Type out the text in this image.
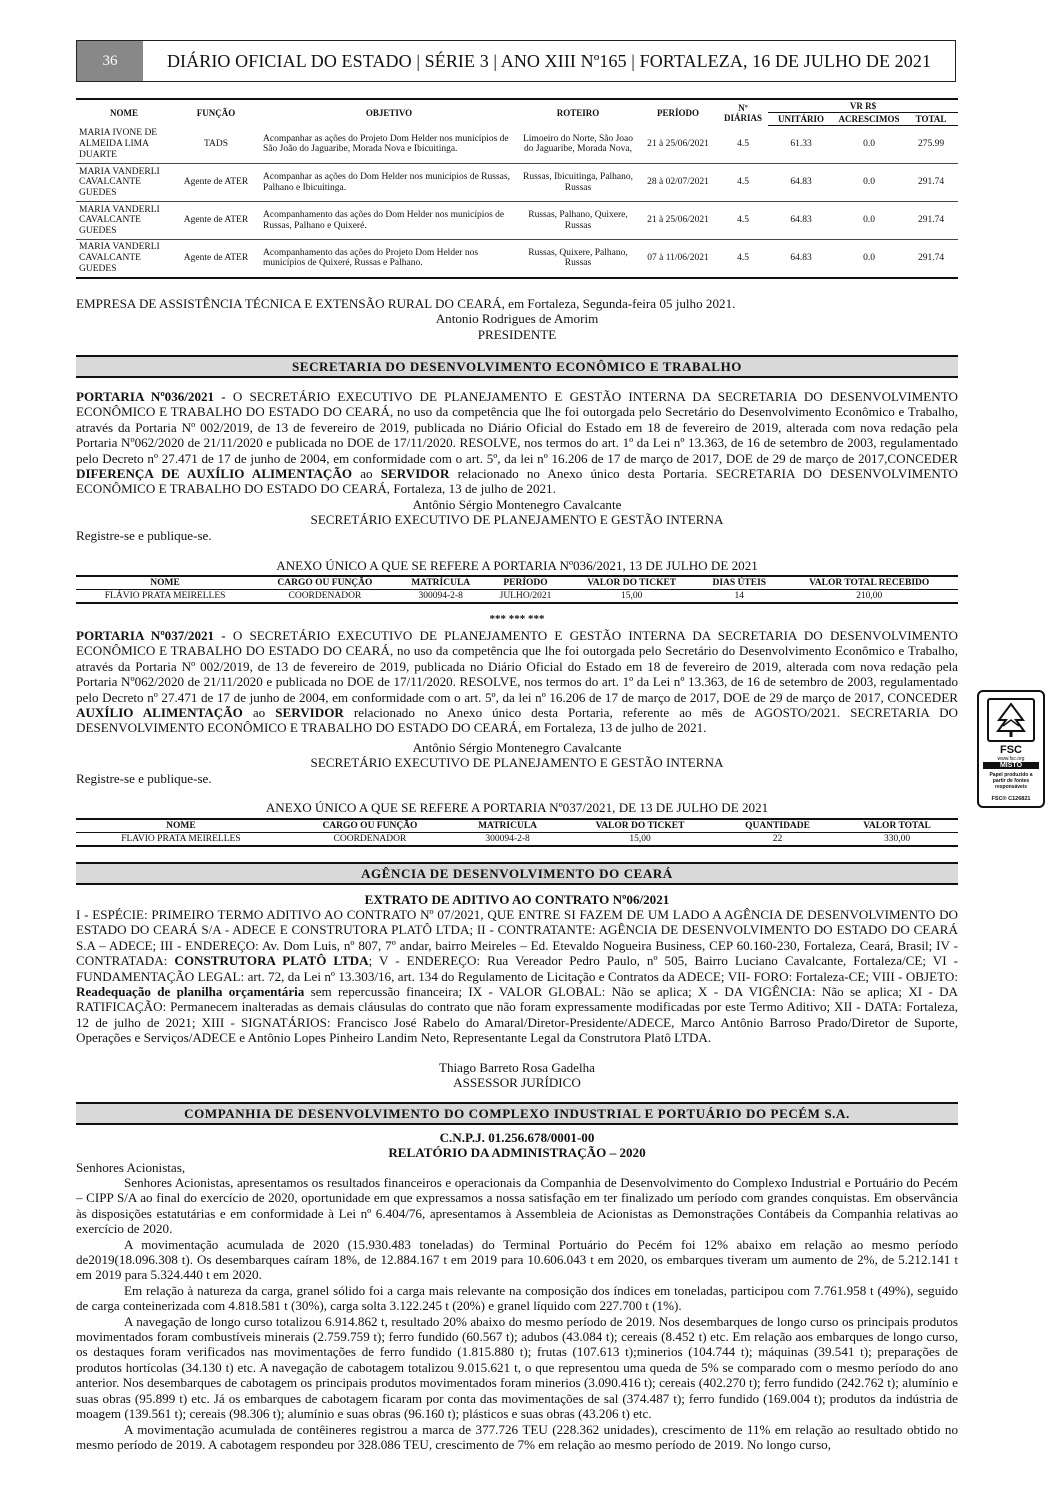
36	DIÁRIO OFICIAL DO ESTADO | SÉRIE 3 | ANO XIII Nº165 | FORTALEZA, 16 DE JULHO DE 2021
NOME	FUNÇÃO	OBJETIVO	ROTEIRO	PERÍODO	Nº DIÁRIAS	VR R$		
						UNITÁRIO	ACRESCIMOS	TOTAL
MARIA IVONE DE ALMEIDA LIMA DUARTE	TADS	Acompanhar as ações do Projeto Dom Helder nos municípios de São João do Jaguaribe, Morada Nova e Ibicuitinga.	Limoeiro do Norte, São Joao do Jaguaribe, Morada Nova,	21 à 25/06/2021	4.5	61.33	0.0	275.99
MARIA VANDERLI CAVALCANTE GUEDES	Agente de ATER	Acompanhar as ações do Dom Helder nos municípios de Russas, Palhano e Ibicuitinga.	Russas, Ibicuitinga, Palhano, Russas	28 à 02/07/2021	4.5	64.83	0.0	291.74
MARIA VANDERLI CAVALCANTE GUEDES	Agente de ATER	Acompanhamento das ações do Dom Helder nos municípios de Russas, Palhano e Quixeré.	Russas, Palhano, Quixere, Russas	21 à 25/06/2021	4.5	64.83	0.0	291.74
MARIA VANDERLI CAVALCANTE GUEDES	Agente de ATER	Acompanhamento das ações do Projeto Dom Helder nos municípios de Quixeré, Russas e Palhano.	Russas, Quixere, Palhano, Russas	07 à 11/06/2021	4.5	64.83	0.0	291.74
EMPRESA DE ASSISTÊNCIA TÉCNICA E EXTENSÃO RURAL DO CEARÁ, em Fortaleza, Segunda-feira 05 julho 2021.
Antonio Rodrigues de Amorim
PRESIDENTE
SECRETARIA DO DESENVOLVIMENTO ECONÔMICO E TRABALHO
PORTARIA Nº036/2021 - O SECRETÁRIO EXECUTIVO DE PLANEJAMENTO E GESTÃO INTERNA DA SECRETARIA DO DESENVOLVIMENTO ECONÔMICO E TRABALHO DO ESTADO DO CEARÁ, no uso da competência que lhe foi outorgada pelo Secretário do Desenvolvimento Econômico e Trabalho, através da Portaria Nº 002/2019, de 13 de fevereiro de 2019, publicada no Diário Oficial do Estado em 18 de fevereiro de 2019, alterada com nova redação pela Portaria Nº062/2020 de 21/11/2020 e publicada no DOE de 17/11/2020. RESOLVE, nos termos do art. 1º da Lei nº 13.363, de 16 de setembro de 2003, regulamentado pelo Decreto nº 27.471 de 17 de junho de 2004, em conformidade com o art. 5º, da lei nº 16.206 de 17 de março de 2017, DOE de 29 de março de 2017,CONCEDER DIFERENÇA DE AUXÍLIO ALIMENTAÇÃO ao SERVIDOR relacionado no Anexo único desta Portaria. SECRETARIA DO DESENVOLVIMENTO ECONÔMICO E TRABALHO DO ESTADO DO CEARÁ, Fortaleza, 13 de julho de 2021.
Antônio Sérgio Montenegro Cavalcante
SECRETÁRIO EXECUTIVO DE PLANEJAMENTO E GESTÃO INTERNA
Registre-se e publique-se.
ANEXO ÚNICO A QUE SE REFERE A PORTARIA Nº036/2021, 13 DE JULHO DE 2021
NOME	CARGO OU FUNÇÃO	MATRÍCULA	PERÍODO	VALOR DO TICKET	DIAS ÚTEIS	VALOR TOTAL RECEBIDO
FLÁVIO PRATA MEIRELLES	COORDENADOR	300094-2-8	JULHO/2021	15,00	14	210,00
*** *** ***
PORTARIA Nº037/2021 - O SECRETÁRIO EXECUTIVO DE PLANEJAMENTO E GESTÃO INTERNA DA SECRETARIA DO DESENVOLVIMENTO ECONÔMICO E TRABALHO DO ESTADO DO CEARÁ, no uso da competência que lhe foi outorgada pelo Secretário do Desenvolvimento Econômico e Trabalho, através da Portaria Nº 002/2019, de 13 de fevereiro de 2019, publicada no Diário Oficial do Estado em 18 de fevereiro de 2019, alterada com nova redação pela Portaria Nº062/2020 de 21/11/2020 e publicada no DOE de 17/11/2020. RESOLVE, nos termos do art. 1º da Lei nº 13.363, de 16 de setembro de 2003, regulamentado pelo Decreto nº 27.471 de 17 de junho de 2004, em conformidade com o art. 5º, da lei nº 16.206 de 17 de março de 2017, DOE de 29 de março de 2017, CONCEDER AUXÍLIO ALIMENTAÇÃO ao SERVIDOR relacionado no Anexo único desta Portaria, referente ao mês de AGOSTO/2021. SECRETARIA DO DESENVOLVIMENTO ECONÔMICO E TRABALHO DO ESTADO DO CEARÁ, em Fortaleza, 13 de julho de 2021.
Antônio Sérgio Montenegro Cavalcante
SECRETÁRIO EXECUTIVO DE PLANEJAMENTO E GESTÃO INTERNA
Registre-se e publique-se.
ANEXO ÚNICO A QUE SE REFERE A PORTARIA Nº037/2021, DE 13 DE JULHO DE 2021
NOME	CARGO OU FUNÇÃO	MATRICULA	VALOR DO TICKET	QUANTIDADE	VALOR TOTAL
FLAVIO PRATA MEIRELLES	COORDENADOR	300094-2-8	15,00	22	330,00
AGÊNCIA DE DESENVOLVIMENTO DO CEARÁ
EXTRATO DE ADITIVO AO CONTRATO Nº06/2021
I - ESPÉCIE: PRIMEIRO TERMO ADITIVO AO CONTRATO Nº 07/2021, QUE ENTRE SI FAZEM DE UM LADO A AGÊNCIA DE DESENVOLVIMENTO DO ESTADO DO CEARÁ S/A - ADECE E CONSTRUTORA PLATÔ LTDA; II - CONTRATANTE: AGÊNCIA DE DESENVOLVIMENTO DO ESTADO DO CEARÁ S.A – ADECE; III - ENDEREÇO: Av. Dom Luis, nº 807, 7º andar, bairro Meireles – Ed. Etevaldo Nogueira Business, CEP 60.160-230, Fortaleza, Ceará, Brasil; IV - CONTRATADA: CONSTRUTORA PLATÔ LTDA; V - ENDEREÇO: Rua Vereador Pedro Paulo, nº 505, Bairro Luciano Cavalcante, Fortaleza/CE; VI - FUNDAMENTAÇÃO LEGAL: art. 72, da Lei nº 13.303/16, art. 134 do Regulamento de Licitação e Contratos da ADECE; VII- FORO: Fortaleza-CE; VIII - OBJETO: Readequação de planilha orçamentária sem repercussão financeira; IX - VALOR GLOBAL: Não se aplica; X - DA VIGÊNCIA: Não se aplica; XI - DA RATIFICAÇÃO: Permanecem inalteradas as demais cláusulas do contrato que não foram expressamente modificadas por este Termo Aditivo; XII - DATA: Fortaleza, 12 de julho de 2021; XIII - SIGNATÁRIOS: Francisco José Rabelo do Amaral/Diretor-Presidente/ADECE, Marco Antônio Barroso Prado/Diretor de Suporte, Operações e Serviços/ADECE e Antônio Lopes Pinheiro Landim Neto, Representante Legal da Construtora Platô LTDA.
Thiago Barreto Rosa Gadelha
ASSESSOR JURÍDICO
COMPANHIA DE DESENVOLVIMENTO DO COMPLEXO INDUSTRIAL E PORTUÁRIO DO PECÉM S.A.
C.N.P.J. 01.256.678/0001-00
RELATÓRIO DA ADMINISTRAÇÃO – 2020
Senhores Acionistas,

Senhores Acionistas, apresentamos os resultados financeiros e operacionais da Companhia de Desenvolvimento do Complexo Industrial e Portuário do Pecém – CIPP S/A ao final do exercício de 2020, oportunidade em que expressamos a nossa satisfação em ter finalizado um período com grandes conquistas. Em observância às disposições estatutárias e em conformidade à Lei nº 6.404/76, apresentamos à Assembleia de Acionistas as Demonstrações Contábeis da Companhia relativas ao exercício de 2020.

A movimentação acumulada de 2020 (15.930.483 toneladas) do Terminal Portuário do Pecém foi 12% abaixo em relação ao mesmo período de2019(18.096.308 t). Os desembarques caíram 18%, de 12.884.167 t em 2019 para 10.606.043 t em 2020, os embarques tiveram um aumento de 2%, de 5.212.141 t em 2019 para 5.324.440 t em 2020.

Em relação à natureza da carga, granel sólido foi a carga mais relevante na composição dos índices em toneladas, participou com 7.761.958 t (49%), seguido de carga conteinerizada com 4.818.581 t (30%), carga solta 3.122.245 t (20%) e granel líquido com 227.700 t (1%).

A navegação de longo curso totalizou 6.914.862 t, resultado 20% abaixo do mesmo período de 2019. Nos desembarques de longo curso os principais produtos movimentados foram combustíveis minerais (2.759.759 t); ferro fundido (60.567 t); adubos (43.084 t); cereais (8.452 t) etc. Em relação aos embarques de longo curso, os destaques foram verificados nas movimentações de ferro fundido (1.815.880 t); frutas (107.613 t);minerios (104.744 t); máquinas (39.541 t); preparações de produtos hortícolas (34.130 t) etc. A navegação de cabotagem totalizou 9.015.621 t, o que representou uma queda de 5% se comparado com o mesmo período do ano anterior. Nos desembarques de cabotagem os principais produtos movimentados foram minerios (3.090.416 t); cereais (402.270 t); ferro fundido (242.762 t); alumínio e suas obras (95.899 t) etc. Já os embarques de cabotagem ficaram por conta das movimentações de sal (374.487 t); ferro fundido (169.004 t); produtos da indústria de moagem (139.561 t); cereais (98.306 t); alumínio e suas obras (96.160 t); plásticos e suas obras (43.206 t) etc.

A movimentação acumulada de contêineres registrou a marca de 377.726 TEU (228.362 unidades), crescimento de 11% em relação ao resultado obtido no mesmo período de 2019. A cabotagem respondeu por 328.086 TEU, crescimento de 7% em relação ao mesmo período de 2019. No longo curso,

FSC
www.fsc.org
MISTO
Papel produzido a partir de fontes responsáveis
FSC® C126821
